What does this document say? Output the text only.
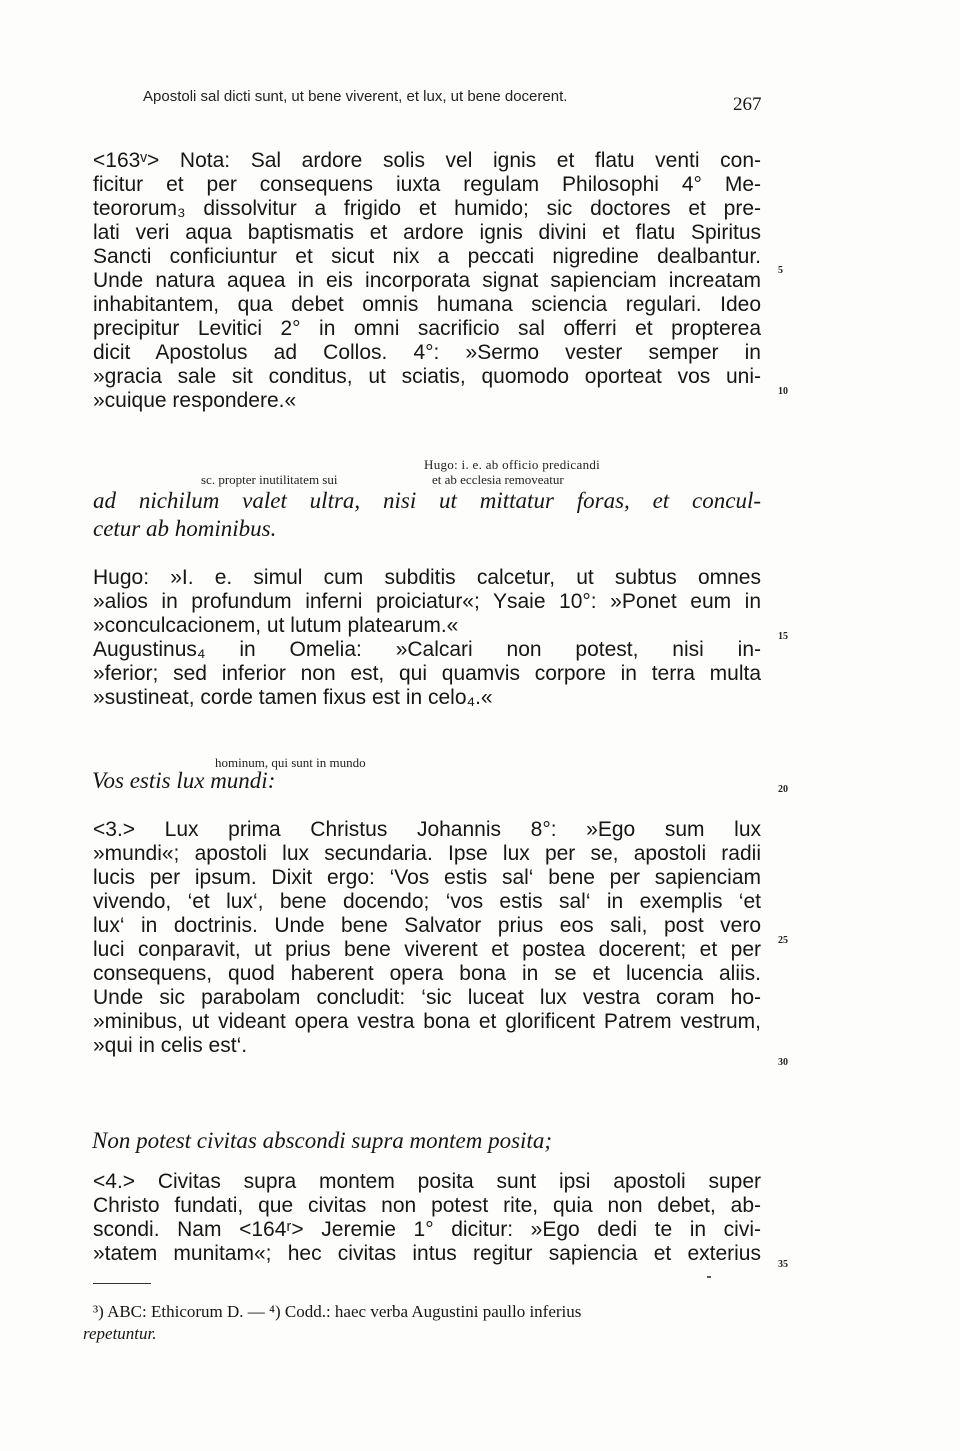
Apostoli sal dicti sunt, ut bene viverent, et lux, ut bene docerent.	267
<163ᵛ> Nota: Sal ardore solis vel ignis et flatu venti con-
ficitur et per consequens iuxta regulam Philosophi 4° Me-
teororum₃ dissolvitur a frigido et humido; sic doctores et pre-
lati veri aqua baptismatis et ardore ignis divini et flatu Spiritus
Sancti conficiuntur et sicut nix a peccati nigredine dealbantur.
Unde natura aquea in eis incorporata signat sapienciam increatam
inhabitantem, qua debet omnis humana sciencia regulari. Ideo
precipitur Levitici 2° in omni sacrificio sal offerri et propterea
dicit Apostolus ad Collos. 4°: »Sermo vester semper in
»gracia sale sit conditus, ut sciatis, quomodo oporteat vos uni-
»cuique respondere.«
Hugo: i. e. ab officio predicandi
sc. propter inutilitatem sui	et ab ecclesia removeatur
ad nichilum valet ultra, nisi ut mittatur foras, et concul-
cetur ab hominibus.
Hugo: »I. e. simul cum subditis calcetur, ut subtus omnes
»alios in profundum inferni proiciatur«; Ysaie 10°: »Ponet eum in
»conculcacionem, ut lutum platearum.«
Augustinus₄ in Omelia: »Calcari non potest, nisi in-
»ferior; sed inferior non est, qui quamvis corpore in terra multa
»sustineat, corde tamen fixus est in celo₄.«
hominum, qui sunt in mundo
Vos estis lux mundi:
<3.> Lux prima Christus Johannis 8°: »Ego sum lux
»mundi«; apostoli lux secundaria. Ipse lux per se, apostoli radii
lucis per ipsum. Dixit ergo: ‘Vos estis sal‘ bene per sapienciam
vivendo, ‘et lux‘, bene docendo; ‘vos estis sal‘ in exemplis ‘et
lux‘ in doctrinis. Unde bene Salvator prius eos sali, post vero
luci conparavit, ut prius bene viverent et postea docerent; et per
consequens, quod haberent opera bona in se et lucencia aliis.
Unde sic parabolam concludit: ‘sic luceat lux vestra coram ho-
»minibus, ut videant opera vestra bona et glorificent Patrem vestrum,
»qui in celis est‘.
Non potest civitas abscondi supra montem posita;
<4.> Civitas supra montem posita sunt ipsi apostoli super
Christo fundati, que civitas non potest rite, quia non debet, ab-
scondi. Nam <164ʳ> Jeremie 1° dicitur: »Ego dedi te in civi-
»tatem munitam«; hec civitas intus regitur sapiencia et exterius
5
10
15
20
25
30
35
³) ABC: Ethicorum D. — ⁴) Codd.: haec verba Augustini paullo inferius
repetuntur.
